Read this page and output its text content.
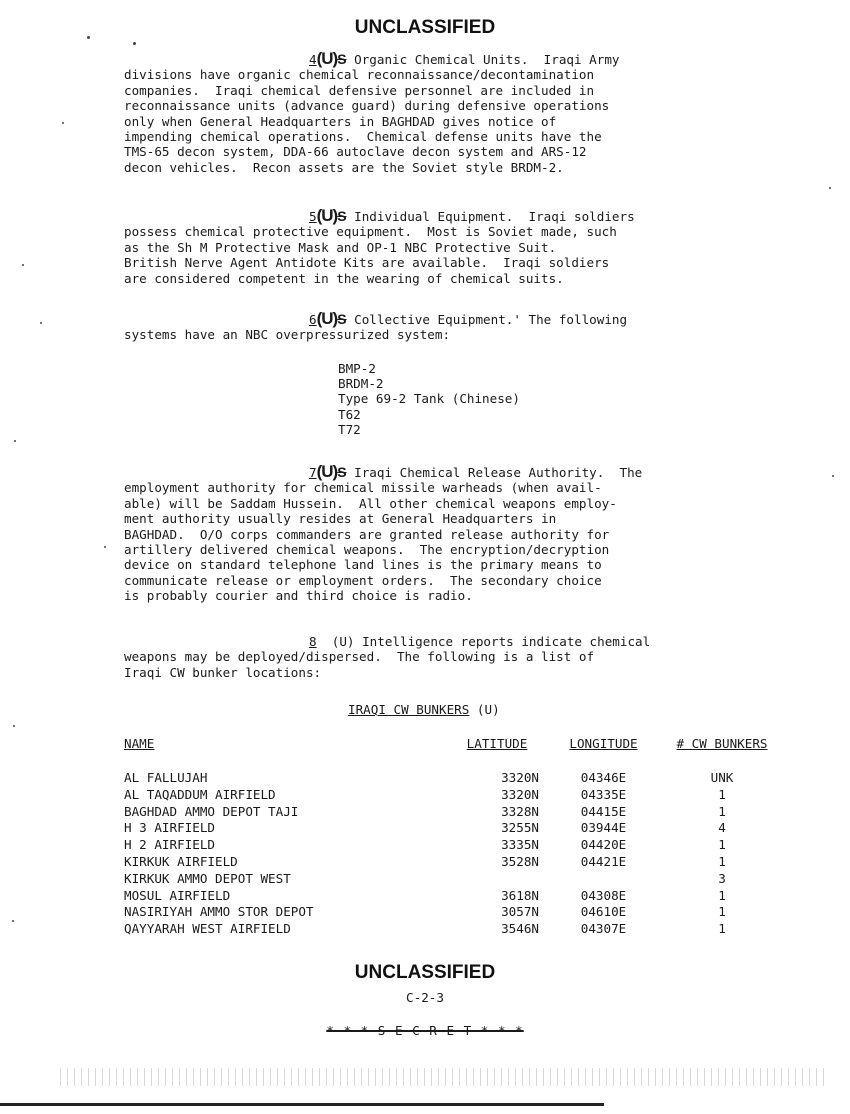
UNCLASSIFIED
4(U)S Organic Chemical Units.  Iraqi Army
divisions have organic chemical reconnaissance/decontamination
companies.  Iraqi chemical defensive personnel are included in
reconnaissance units (advance guard) during defensive operations
only when General Headquarters in BAGHDAD gives notice of
impending chemical operations.  Chemical defense units have the
TMS-65 decon system, DDA-66 autoclave decon system and ARS-12
decon vehicles.  Recon assets are the Soviet style BRDM-2.
5(U)S Individual Equipment.  Iraqi soldiers
possess chemical protective equipment.  Most is Soviet made, such
as the Sh M Protective Mask and OP-1 NBC Protective Suit.
British Nerve Agent Antidote Kits are available.  Iraqi soldiers
are considered competent in the wearing of chemical suits.
6(U)S Collective Equipment.' The following
systems have an NBC overpressurized system:
BMP-2
BRDM-2
Type 69-2 Tank (Chinese)
T62
T72
7(U)S Iraqi Chemical Release Authority.  The
employment authority for chemical missile warheads (when avail-
able) will be Saddam Hussein.  All other chemical weapons employ-
ment authority usually resides at General Headquarters in
BAGHDAD.  O/O corps commanders are granted release authority for
artillery delivered chemical weapons.  The encryption/decryption
device on standard telephone land lines is the primary means to
communicate release or employment orders.  The secondary choice
is probably courier and third choice is radio.
8 (U) Intelligence reports indicate chemical
weapons may be deployed/dispersed.  The following is a list of
Iraqi CW bunker locations:
IRAQI CW BUNKERS (U)
NAME	LATITUDE	LONGITUDE	# CW BUNKERS
AL FALLUJAH	3320N	04346E	UNK
AL TAQADDUM AIRFIELD	3320N	04335E	1
BAGHDAD AMMO DEPOT TAJI	3328N	04415E	1
H 3 AIRFIELD	3255N	03944E	4
H 2 AIRFIELD	3335N	04420E	1
KIRKUK AIRFIELD	3528N	04421E	1
KIRKUK AMMO DEPOT WEST			3
MOSUL AIRFIELD	3618N	04308E	1
NASIRIYAH AMMO STOR DEPOT	3057N	04610E	1
QAYYARAH WEST AIRFIELD	3546N	04307E	1
UNCLASSIFIED
C-2-3
* * * S E C R E T * * *
